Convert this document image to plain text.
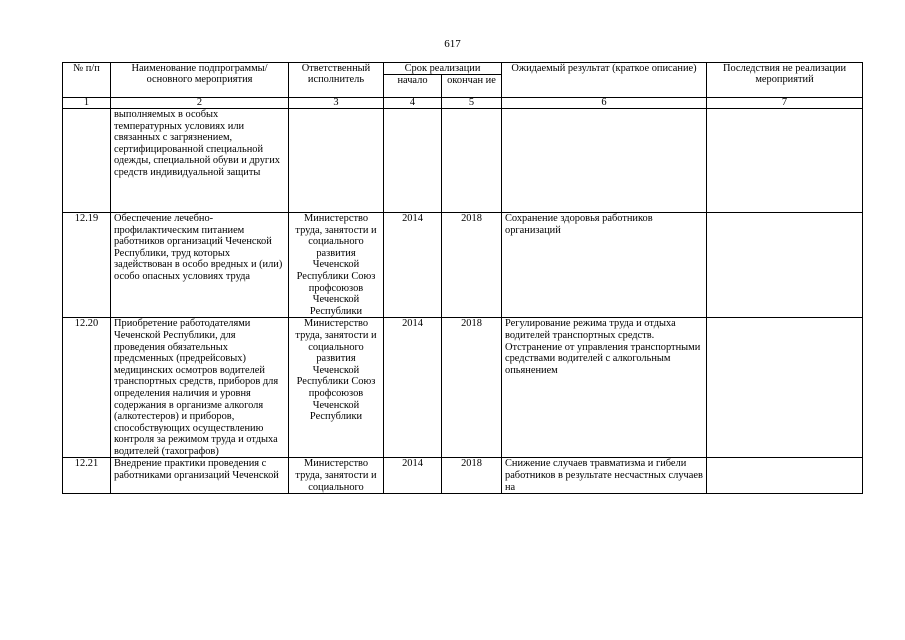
617
№ п/п	Наименование подпрограммы/ основного мероприятия	Ответственный исполнитель	Срок реализации		Ожидаемый результат (краткое описание)	Последствия не реализации мероприятий
			начало	окончан ие		
1	2	3	4	5	6	7
	выполняемых в особых температурных условиях или связанных с загрязнением, сертифицированной специальной одежды, специальной обуви и других средств индивидуальной защиты					
12.19	Обеспечение лечебно-профилактическим питанием работников организаций Чеченской Республики, труд которых задействован в особо вредных и (или) особо опасных условиях труда	Министерство труда, занятости и социального развития Чеченской Республики Союз профсоюзов Чеченской Республики	2014	2018	Сохранение здоровья работников организаций	
12.20	Приобретение работодателями Чеченской Республики, для проведения обязательных предсменных (предрейсовых) медицинских осмотров водителей транспортных средств, приборов для определения наличия и уровня содержания в организме алкоголя (алкотестеров) и приборов, способствующих осуществлению контроля за режимом труда и отдыха водителей (тахографов)	Министерство труда, занятости и социального развития Чеченской Республики Союз профсоюзов Чеченской Республики	2014	2018	Регулирование режима труда и отдыха водителей транспортных средств. Отстранение от управления транспортными средствами водителей с алкогольным опьянением	
12.21	Внедрение практики проведения с работниками организаций Чеченской	Министерство труда, занятости и социального	2014	2018	Снижение случаев травматизма и гибели работников в результате несчастных случаев на	
